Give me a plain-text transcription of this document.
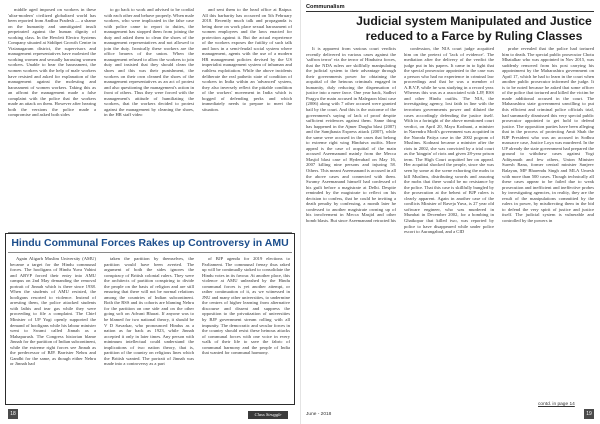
middle aged imposed on workers in these 'ultra-modern' civilized globalized world has been reported from Andhra Pradesh — a shame on the humanity and unmitigated insult perpetrated against the human dignity of working class. In the Hewlett Electro Systems Company situated at Siddipet Growth Centre in Vizianagaram district, the supervisors and management representatives have molested the working women and sexually harassing women workers. Unable to bear the harassment, the women workers with the help of male workers have resisted and asked for explanation of the management against the molesting and harassment of women workers. Taking this as an affront the management made a false complaint with the police that the workers made an attack on them. However after hearing both the versions the police made a compromise and asked both sides

to go back to work and advised to be cordial with each other and behave properly. When male workers, who were implicated in the false case with police came to report to duties, the management has stopped them from joining the duty and asked them to clean the shoes of the management representatives and not allowed to join the duty. Ironically these workers are the office bearers of the union. When the management refused to allow the workers to join duty and insisted that they should clean the shoes and this was their punishment, the workers on their own cleaned the shoes of the management representatives as an act of protest and also questioning the management's action in front of others. Thus they were forced with the management's attitude of humiliating the workers, that the workers decided to protest against the management by cleaning the shoes, in the HR staff video

and sent them to the head office at Raipur. All this barbarity has occurred on 5th February 2018. Recently much talk and propaganda is being done on work place sexual harassment of women employees and the laws enacted for protection against it. But the actual experience of the workers exposes the futility of such talk and laws in a semi-feudal social system where management, agents with the use of a modern HR management policies devised by the US imperialist management system of inhuman and ruthless exploitation. While the above incidents deliberate the real pathetic state of condition of workers in India within an 'advanced' system, they also inversely reflect the pitiable condition of the workers' movement in India which is bogged of defending perks and which immediately needs to prepare to meet the situation.

Hindu Communal Forces Rakes up Controversy in AMU

Again Aligarh Muslim University (AMU) became a target for the Hindu communal forces. The hooligans of Hindu Yuva Vahini and ABVP forced their entry into AMU campus on 2nd May demanding the removal portrait of Jinnah which is there since 1938. When the students of AMU resisted, the hooligans resorted to violence. Instead of arresting them, the police attacked students with lathis and tear gas while they were proceeding to file a complaint. The Chief Minister of UP Yogi openly supported the demand of hooligans while his labour minister went to Swami called Jinnah as a Mahapurush. The Congress historian blame Jinnah for the partition of Indian subcontinent, while the extreme right forces see Jinnah as the predecessor of BJP. Barrister Nehru and Gandhi for the same, as though either Nehru or Jinnah had

taken the partition by themselves, the partition would have been averted. The argument of both the sides ignores the conspiracy of British colonial rulers. They were the architects of partition conspiring to divide the people on the basis of religion and are still ensuring that there will not be normal relations among the countries of Indian subcontinent. Both the RSS and its cohorts are blaming Nehru for the partition on one side and on the other going soft on Advani Bharat. If anyone was to be blamed for two national theory, it should be V D Savarkar, who pronounced Hindus as a nation as far back as 1923, while Jinnah accepted it only in later times. Any person with minimum intellectual could understand the implications of two nation theory, that is, partition of the country on religious lines which the British wanted. The portrait of Jinnah was made into a controversy as a part

of BJP agenda for 2019 elections to Parliament. The communal frenzy thus raked up will be continually stoked to consolidate the Hindu votes in its favour. At another place, this violence at AMU unleashed by the Hindu communal forces is yet another attempt, or rather continuation of it, as we witnessed in JNU and many other universities, to undermine the centres of higher learning from alternative discourse and dissent and suppress the opposition to the privatization of universities by BJP government stream rolling with all impunity. The democratic and secular forces in the country should resist these heinous attacks of communal forces with one voice in every walk of their life to save the fabric of communal harmony and the people of India that wanted for communal harmony.

18	Class Struggle
Communalism
Judicial system Manipulated and Justice reduced to a Farce by Ruling Classes

It is apparent from various court verdicts recently delivered in various cases against the 'saffron terror' viz the terror of Hindutva forces, that the NDA rulers are skillfully manipulating the judicial system to their advantage through their governments power for obtaining the acquittal of the heinous criminals engaged in humanity, duly reducing the dispensation of justice into a mere farce. One year back, Sadhvi Pragya the main accused in Malegaon blast case (2006) along with 7 other accused were granted bail by the court. And this is the outcome of the government's saying of lack of proof despite sufficient evidences against them. Same thing has happened in the Ajmer Dargha blast (2007) and the Samjhauta Express attack (2007), while the same were accused in the cases that belong to extreme right wing Hindutva outfits. More appeal is the case of acquittal of the main accused Aseemanand mainly from the Mecca Masjid blast case of Hyderabad on May 16, 2007 killing nine persons and injuring 58. Others. This meant Aseemanand is accused in all the above cases and connected with them. Swamy Aseemanand himself had confessed of his guilt before a magistrate at Delhi. Despite reminded by the magistrate to reflect on his decision to confess, that he could be inviting a death penalty by confessing, a month later he confessed to another magistrate owning up of his involvement in Mecca Masjid and other bomb blasts. But since Aseemanand retracted his

confession, the NIA court judge acquitted him on the pretext of 'lack of evidence'. The mediation after the delivery of the verdict the judge put in his papers. It came in to light that the special prosecutor appointed to the case was a person who had no experience in criminal law proceedings and that he was a member of A.B.V.P, while he was studying in a record year. Whereas this was as a associated with LJP, RSS and other Hindu outfits. The NIA, the investigating agency, lost faith in line with the terrorism governments power and diluted the cases accordingly defending the justice itself. With in a fortnight of the above mentioned court verdict, on April 20, Maya Kodnani, a minister in Narendra Modi's government was acquitted in the Naroda Patiya case in the 2002 pogrom of Muslims. Kodnani became a minister after the riots in 2002, she was convicted by a trial court as the 'kingpin' of riots and given 28-year prison term. The High Court acquitted her on appeal. Her acquittal shocked the people, since she was seen by some at the scene exhorting the mobs to kill Muslims, distributing swords and assuring the mobs that there would be no resistance by the police. That this case is skillfully bungled by the prosecution at the behest of BJP rulers is clearly apparent. Again in another case of the conflicts Minister of Raveja Yuva, is 27 year old software engineer, who was murdered in Mumbai in December 2002, for a bombing in Ghatkopar that killed two, was reported by police to have disappeared while under police escort to Aurangabad, and a CID

probe revealed that the police had tortured him to death. The special public prosecutor Chotu Mhatalkar who was appointed in Nov 2015, was suddenly removed from his post carrying his appointment by the Maharashtra government on April 17, which he had to learn in the court when another public prosecutor informed the judge. It is to be noted because he asked that some officer of the police that tortured and killed the victim be made additional accused in the court. The Maharashtra state government unwilling to put this efficient and criminal police officials trial, had summarily dismissed this very special public prosecutor appointed to get hold to defend justice. The opposition parties have been alleging that in the process of protecting Amit Shah the BJP President who was an accused in Sodhra massacre case, Justice Loya was murdered. In the UP already the state government had prepared the ground to withdraw cases against Yogi Adityanath and few others, Union Minister Suresh Rana, former central minister Sanjeev Balayan, MP Bharendu Singh and MLA Umesh with more than 500 cases. Though technically all these cases appear to be failed due to weak prosecution and inefficient and ineffective probes by investigating agencies, in reality, they are the result of the manipulations committed by the rulers in power, by misdirecting them in the bid to defend the very spirit of justice and justice itself. The judicial system is vulnerable and controlled by the powers in

contd. in page 14
June - 2018	19
